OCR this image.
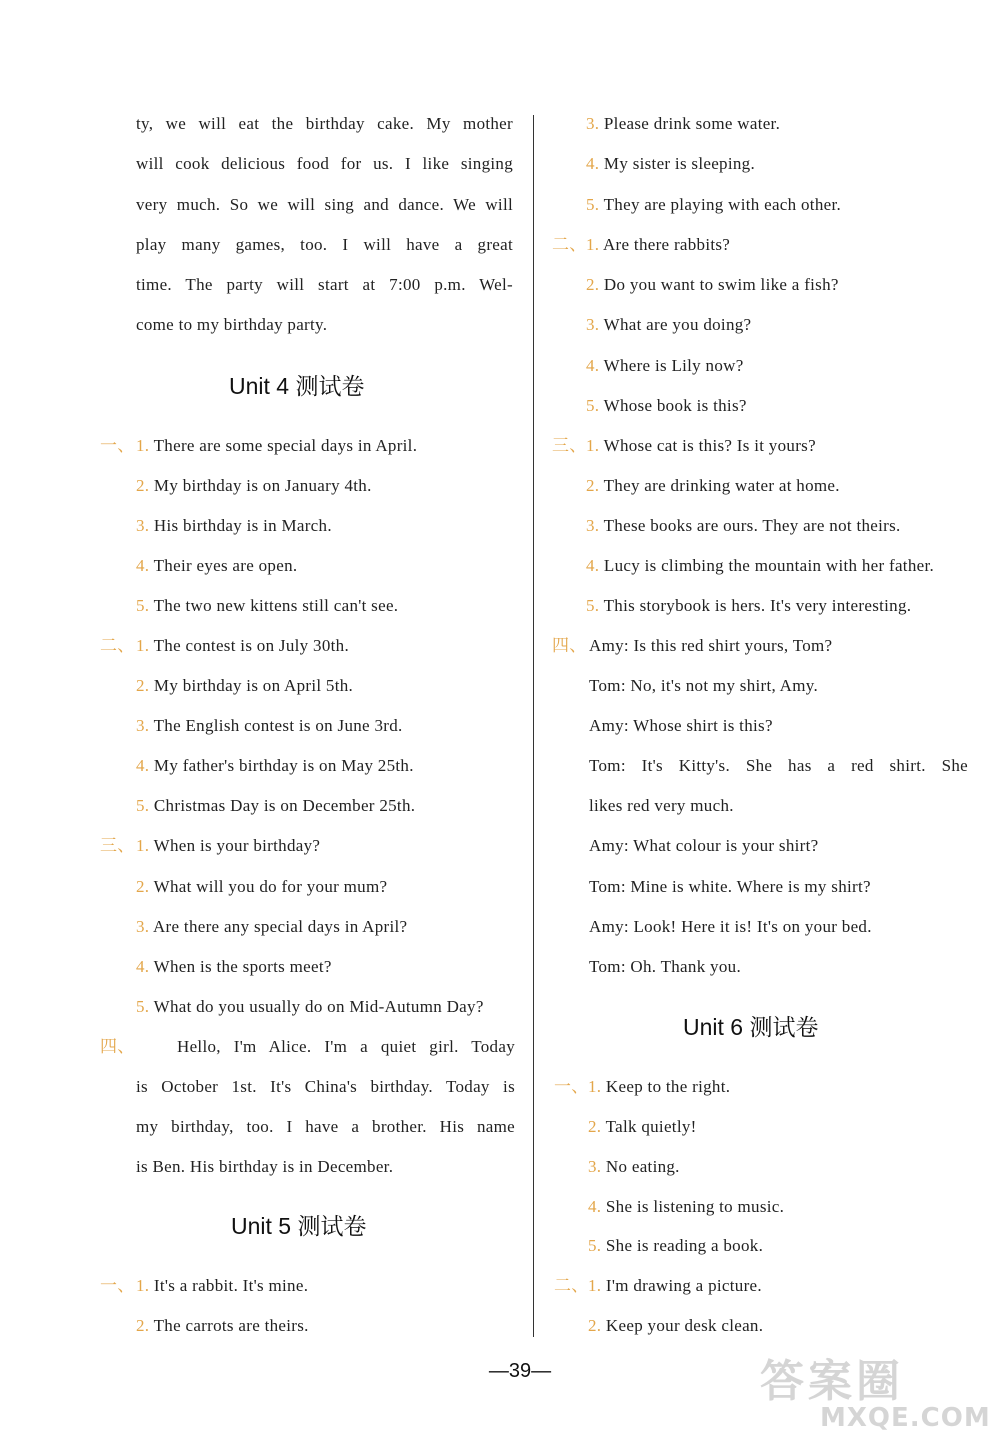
ty, we will eat the birthday cake. My mother
will cook delicious food for us. I like singing
very much. So we will sing and dance. We will
play many games, too. I will have a great
time. The party will start at 7:00 p.m. Wel-
come to my birthday party.
Unit 4 测试卷
一、 1. There are some special days in April.
2. My birthday is on January 4th.
3. His birthday is in March.
4. Their eyes are open.
5. The two new kittens still can't see.
二、 1. The contest is on July 30th.
2. My birthday is on April 5th.
3. The English contest is on June 3rd.
4. My father's birthday is on May 25th.
5. Christmas Day is on December 25th.
三、 1. When is your birthday?
2. What will you do for your mum?
3. Are there any special days in April?
4. When is the sports meet?
5. What do you usually do on Mid-Autumn Day?
四、 Hello, I'm Alice. I'm a quiet girl. Today
is October 1st. It's China's birthday. Today is
my birthday, too. I have a brother. His name
is Ben. His birthday is in December.
Unit 5 测试卷
一、 1. It's a rabbit. It's mine.
2. The carrots are theirs.
3. Please drink some water.
4. My sister is sleeping.
5. They are playing with each other.
二、 1. Are there rabbits?
2. Do you want to swim like a fish?
3. What are you doing?
4. Where is Lily now?
5. Whose book is this?
三、 1. Whose cat is this? Is it yours?
2. They are drinking water at home.
3. These books are ours. They are not theirs.
4. Lucy is climbing the mountain with her father.
5. This storybook is hers. It's very interesting.
四、 Amy: Is this red shirt yours, Tom?
Tom: No, it's not my shirt, Amy.
Amy: Whose shirt is this?
Tom: It's Kitty's. She has a red shirt. She
likes red very much.
Amy: What colour is your shirt?
Tom: Mine is white. Where is my shirt?
Amy: Look! Here it is! It's on your bed.
Tom: Oh. Thank you.
Unit 6 测试卷
一、 1. Keep to the right.
2. Talk quietly!
3. No eating.
4. She is listening to music.
5. She is reading a book.
二、 1. I'm drawing a picture.
2. Keep your desk clean.
—39—	答案圈
MXQE.COM
